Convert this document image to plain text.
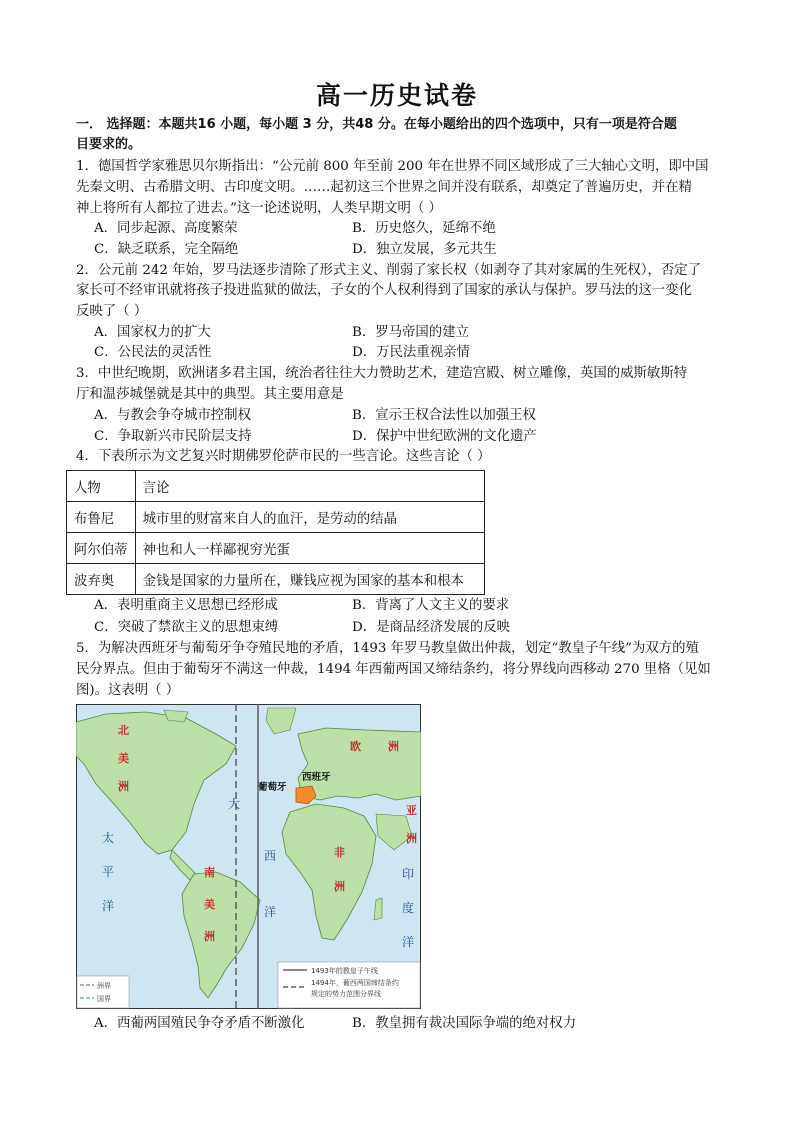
高一历史试卷
一． 选择题：本题共16 小题，每小题 3 分，共48 分。在每小题给出的四个选项中，只有一项是符合题
目要求的。
1．德国哲学家雅思贝尔斯指出：“公元前 800 年至前 200 年在世界不同区域形成了三大轴心文明，即中国
先秦文明、古希腊文明、古印度文明。……起初这三个世界之间并没有联系，却奠定了普遍历史，并在精
神上将所有人都拉了进去。”这一论述说明，人类早期文明（ ）
A．同步起源、高度繁荣	B．历史悠久，延绵不绝
C．缺乏联系，完全隔绝	D．独立发展，多元共生
2．公元前 242 年始，罗马法逐步清除了形式主义、削弱了家长权（如剥夺了其对家属的生死权），否定了
家长可不经审讯就将孩子投进监狱的做法，子女的个人权利得到了国家的承认与保护。罗马法的这一变化
反映了（ ）
A．国家权力的扩大	B．罗马帝国的建立
C．公民法的灵活性	D．万民法重视亲情
3．中世纪晚期，欧洲诸多君主国，统治者往往大力赞助艺术，建造宫殿、树立雕像，英国的威斯敏斯特
厅和温莎城堡就是其中的典型。其主要用意是
A．与教会争夺城市控制权	B．宣示王权合法性以加强王权
C．争取新兴市民阶层支持	D．保护中世纪欧洲的文化遗产
4．下表所示为文艺复兴时期佛罗伦萨市民的一些言论。这些言论（ ）
人物	言论
布鲁尼	城市里的财富来自人的血汗，是劳动的结晶
阿尔伯蒂	神也和人一样鄙视穷光蛋
波弃奥	金钱是国家的力量所在，赚钱应视为国家的基本和根本
A．表明重商主义思想已经形成	B．背离了人文主义的要求
C．突破了禁欲主义的思想束缚	D．是商品经济发展的反映
5．为解决西班牙与葡萄牙争夺殖民地的矛盾，1493 年罗马教皇做出仲裁，划定“教皇子午线”为双方的殖
民分界点。但由于葡萄牙不满这一仲裁，1494 年西葡两国又缔结条约，将分界线向西移动 270 里格（见如
图)。这表明（ ）
北
美
洲
南
美
洲
欧 洲
非
洲
亚
洲
太
平
洋
大
西
洋
印
度
洋
葡萄牙
西班牙
洲界
国界
1493年的教皇子午线
1494年，葡西两国缔结条约
规定的势力范围分界线
A．西葡两国殖民争夺矛盾不断激化	B．教皇拥有裁决国际争端的绝对权力
